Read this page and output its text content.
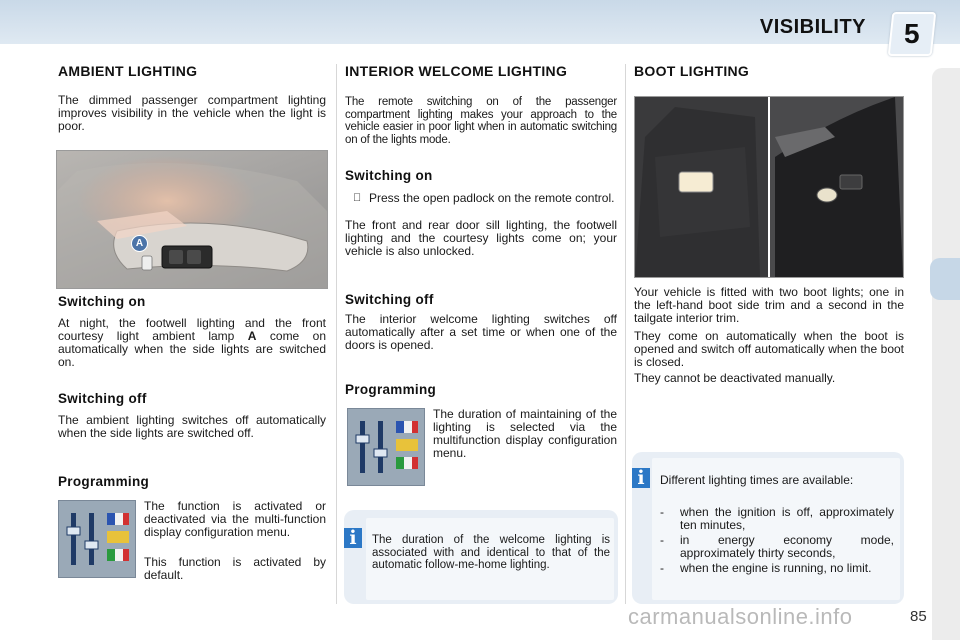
VISIBILITY 5
AMBIENT LIGHTING

The dimmed passenger compartment lighting improves visibility in the vehicle when the light is poor.

A
Switching on

At night, the footwell lighting and the front courtesy light ambient lamp A come on automatically when the side lights are switched on.

Switching off

The ambient lighting switches off automatically when the side lights are switched off.

Programming

The function is activated or deactivated via the multi-function display configuration menu.

This function is activated by default.

INTERIOR WELCOME LIGHTING

The remote switching on of the passenger compartment lighting makes your approach to the vehicle easier in poor light when in automatic switching on of the lights mode.

Switching on

Press the open padlock on the remote control.

The front and rear door sill lighting, the footwell lighting and the courtesy lights come on; your vehicle is also unlocked.

Switching off

The interior welcome lighting switches off automatically after a set time or when one of the doors is opened.

Programming

The duration of maintaining of the lighting is selected via the multifunction display configuration menu.

The duration of the welcome lighting is associated with and identical to that of the automatic follow-me-home lighting.

i
BOOT LIGHTING

Your vehicle is fitted with two boot lights; one in the left-hand boot side trim and a second in the tailgate interior trim.

They come on automatically when the boot is opened and switch off automatically when the boot is closed.

They cannot be deactivated manually.

Different lighting times are available:

- when the ignition is off, approximately ten minutes,
- in energy economy mode, approximately thirty seconds,
- when the engine is running, no limit.
i
carmanualsonline.info	85
